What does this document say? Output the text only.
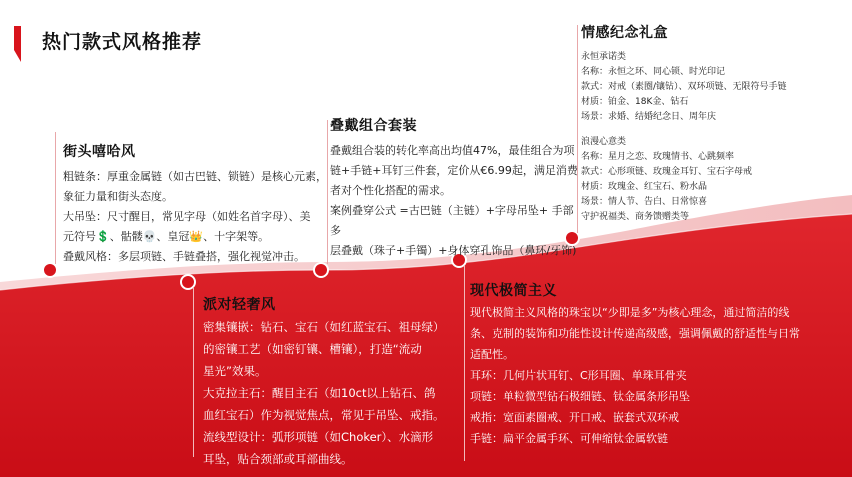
热门款式风格推荐
街头嘻哈风
粗链条：厚重金属链（如古巴链、锁链）是核心元素，
象征力量和街头态度。
大吊坠：尺寸醒目，常见字母（如姓名首字母）、美
元符号💲、骷髅💀、皇冠👑、十字架等。
叠戴风格：多层项链、手链叠搭，强化视觉冲击。
叠戴组合套装
叠戴组合装的转化率高出均值47%，最佳组合为项
链+手链+耳钉三件套，定价从€6.99起，满足消费
者对个性化搭配的需求。
案例叠穿公式 =古巴链（主链）+字母吊坠+ 手部多
层叠戴（珠子+手镯）+身体穿孔饰品（鼻环/牙饰)
情感纪念礼盒
永恒承诺类
名称：永恒之环、同心锁、时光印记
款式：对戒（素圈/镶钻）、双环项链、无限符号手链
材质：铂金、18K金、钻石
场景：求婚、结婚纪念日、周年庆
浪漫心意类
名称：星月之恋、玫瑰情书、心跳频率
款式：心形项链、玫瑰金耳钉、宝石字母戒
材质：玫瑰金、红宝石、粉水晶
场景：情人节、告白、日常惊喜
守护祝福类、商务馈赠类等
派对轻奢风
密集镶嵌：钻石、宝石（如红蓝宝石、祖母绿）
的密镶工艺（如密钉镶、槽镶），打造“流动
星光”效果。
大克拉主石：醒目主石（如10ct以上钻石、鸽
血红宝石）作为视觉焦点，常见于吊坠、戒指。
流线型设计：弧形项链（如Choker）、水滴形
耳坠，贴合颈部或耳部曲线。
现代极简主义
现代极简主义风格的珠宝以“少即是多”为核心理念，通过简洁的线
条、克制的装饰和功能性设计传递高级感，强调佩戴的舒适性与日常
适配性。
耳环：几何片状耳钉、C形耳圈、单珠耳骨夹
项链：单粒微型钻石极细链、钛金属条形吊坠
戒指：宽面素圈戒、开口戒、嵌套式双环戒
手链：扁平金属手环、可伸缩钛金属软链
